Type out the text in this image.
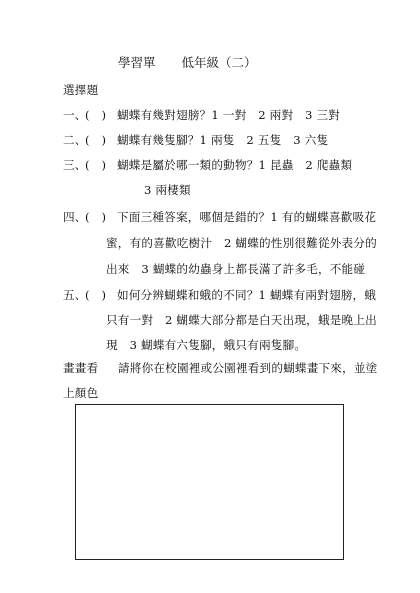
學習單 低年級（二）
選擇題
一、
(　) 蝴蝶有幾對翅膀？1 一對　2 兩對　3 三對
二、
(　) 蝴蝶有幾隻腳？1 兩隻　2 五隻　3 六隻
三、
(　) 蝴蝶是屬於哪一類的動物？1 昆蟲　2 爬蟲類
3 兩棲類
四、
(　) 下面三種答案，哪個是錯的？1 有的蝴蝶喜歡吸花
蜜，有的喜歡吃樹汁　2 蝴蝶的性別很難從外表分的
出來　3 蝴蝶的幼蟲身上都長滿了許多毛，不能碰
五、
(　) 如何分辨蝴蝶和蛾的不同？1 蝴蝶有兩對翅膀，蛾
只有一對　2 蝴蝶大部分都是白天出現，蛾是晚上出
現　3 蝴蝶有六隻腳，蛾只有兩隻腳。
畫畫看 請將你在校園裡或公園裡看到的蝴蝶畫下來，並塗
上顏色
